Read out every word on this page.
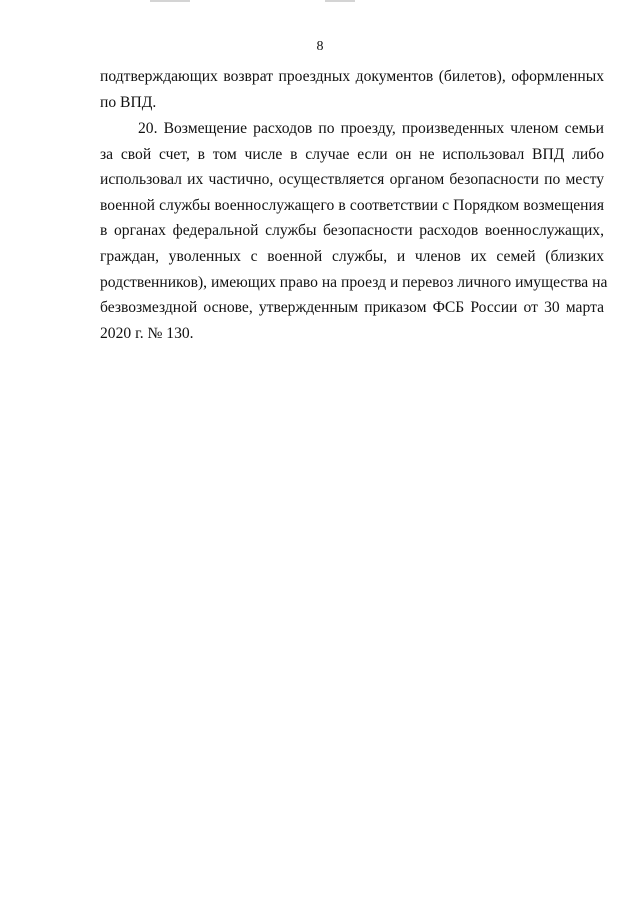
8
подтверждающих возврат проездных документов (билетов), оформленных
по ВПД.
20. Возмещение расходов по проезду, произведенных членом семьи
за свой счет, в том числе в случае если он не использовал ВПД либо
использовал их частично, осуществляется органом безопасности по месту
военной службы военнослужащего в соответствии с Порядком возмещения
в органах федеральной службы безопасности расходов военнослужащих,
граждан, уволенных с военной службы, и членов их семей (близких
родственников), имеющих право на проезд и перевоз личного имущества на
безвозмездной основе, утвержденным приказом ФСБ России от 30 марта
2020 г. № 130.
